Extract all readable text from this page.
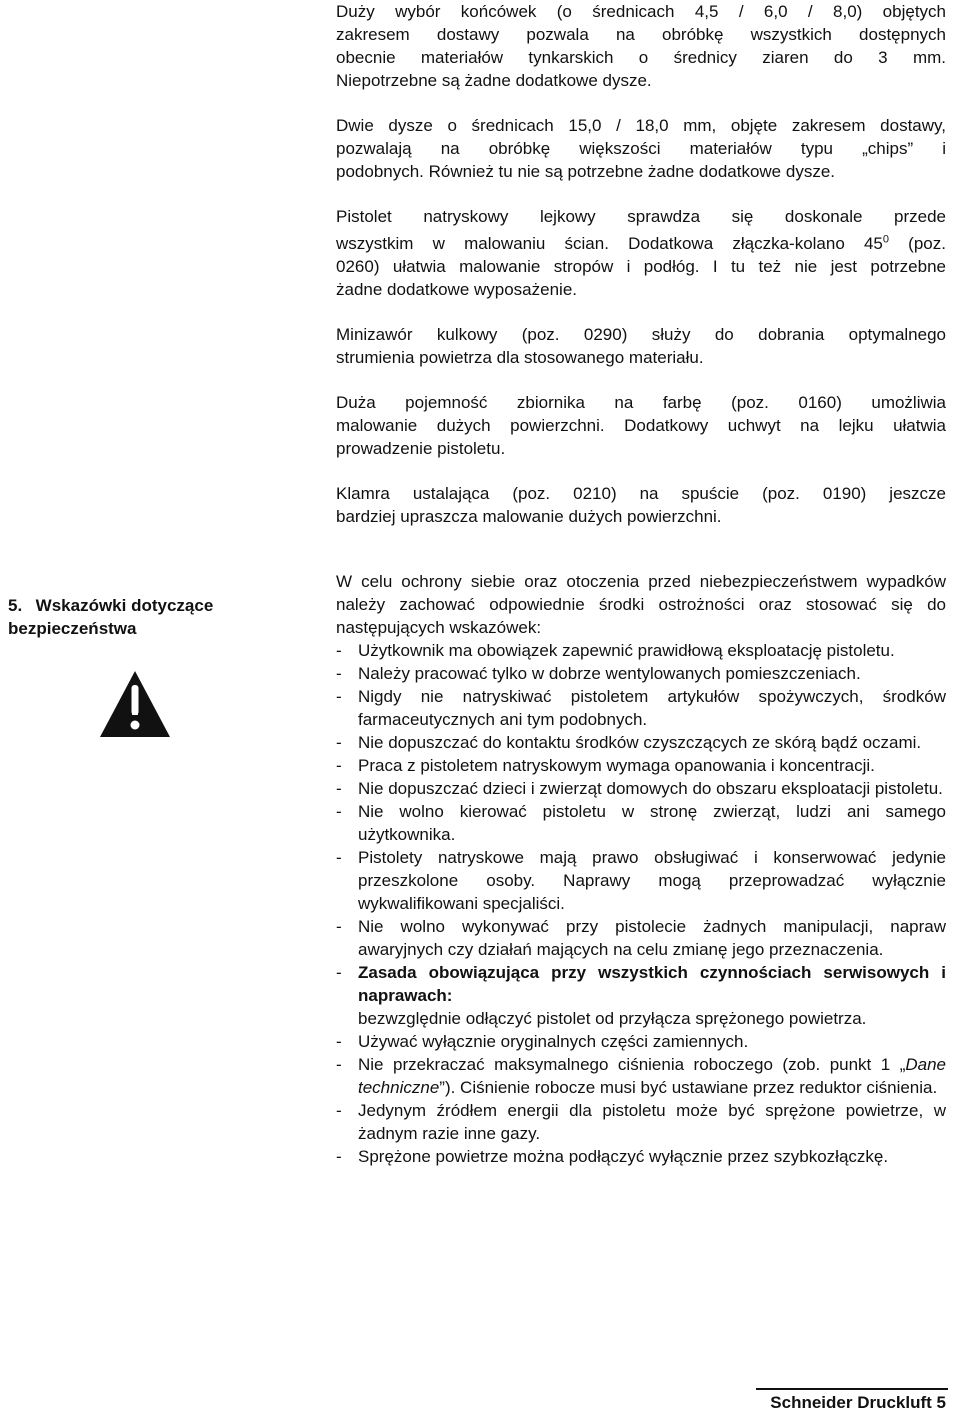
Duży wybór końcówek (o średnicach 4,5 / 6,0 / 8,0) objętych
zakresem dostawy pozwala na obróbkę wszystkich dostępnych
obecnie materiałów tynkarskich o średnicy ziaren do 3 mm.
Niepotrzebne są żadne dodatkowe dysze.
Dwie dysze o średnicach 15,0 / 18,0 mm, objęte zakresem dostawy,
pozwalają na obróbkę większości materiałów typu „chips” i
podobnych. Również tu nie są potrzebne żadne dodatkowe dysze.
Pistolet natryskowy lejkowy sprawdza się doskonale przede
wszystkim w malowaniu ścian. Dodatkowa złączka-kolano $45^0$ (poz.
0260) ułatwia malowanie stropów i podłóg. I tu też nie jest potrzebne
żadne dodatkowe wyposażenie.
Minizawór kulkowy (poz. 0290) służy do dobrania optymalnego
strumienia powietrza dla stosowanego materiału.
Duża pojemność zbiornika na farbę (poz. 0160) umożliwia
malowanie dużych powierzchni. Dodatkowy uchwyt na lejku ułatwia
prowadzenie pistoletu.
Klamra ustalająca (poz. 0210) na spuście (poz. 0190) jeszcze
bardziej upraszcza malowanie dużych powierzchni.
5. Wskazówki dotyczące bezpieczeństwa
W celu ochrony siebie oraz otoczenia przed niebezpieczeństwem wypadków należy zachować odpowiednie środki ostrożności oraz stosować się do następujących wskazówek:
- Użytkownik ma obowiązek zapewnić prawidłową eksploatację pistoletu.
- Należy pracować tylko w dobrze wentylowanych pomieszczeniach.
- Nigdy nie natryskiwać pistoletem artykułów spożywczych, środków farmaceutycznych ani tym podobnych.
- Nie dopuszczać do kontaktu środków czyszczących ze skórą bądź oczami.
- Praca z pistoletem natryskowym wymaga opanowania i koncentracji.
- Nie dopuszczać dzieci i zwierząt domowych do obszaru eksploatacji pistoletu.
- Nie wolno kierować pistoletu w stronę zwierząt, ludzi ani samego użytkownika.
- Pistolety natryskowe mają prawo obsługiwać i konserwować jedynie przeszkolone osoby. Naprawy mogą przeprowadzać wyłącznie wykwalifikowani specjaliści.
- Nie wolno wykonywać przy pistolecie żadnych manipulacji, napraw awaryjnych czy działań mających na celu zmianę jego przeznaczenia.
- Zasada obowiązująca przy wszystkich czynnościach serwisowych i naprawach:
bezwzględnie odłączyć pistolet od przyłącza sprężonego powietrza.
- Używać wyłącznie oryginalnych części zamiennych.
- Nie przekraczać maksymalnego ciśnienia roboczego (zob. punkt 1 „Dane techniczne”). Ciśnienie robocze musi być ustawiane przez reduktor ciśnienia.
- Jedynym źródłem energii dla pistoletu może być sprężone powietrze, w żadnym razie inne gazy.
- Sprężone powietrze można podłączyć wyłącznie przez szybkozłączkę.
Schneider Druckluft 5
